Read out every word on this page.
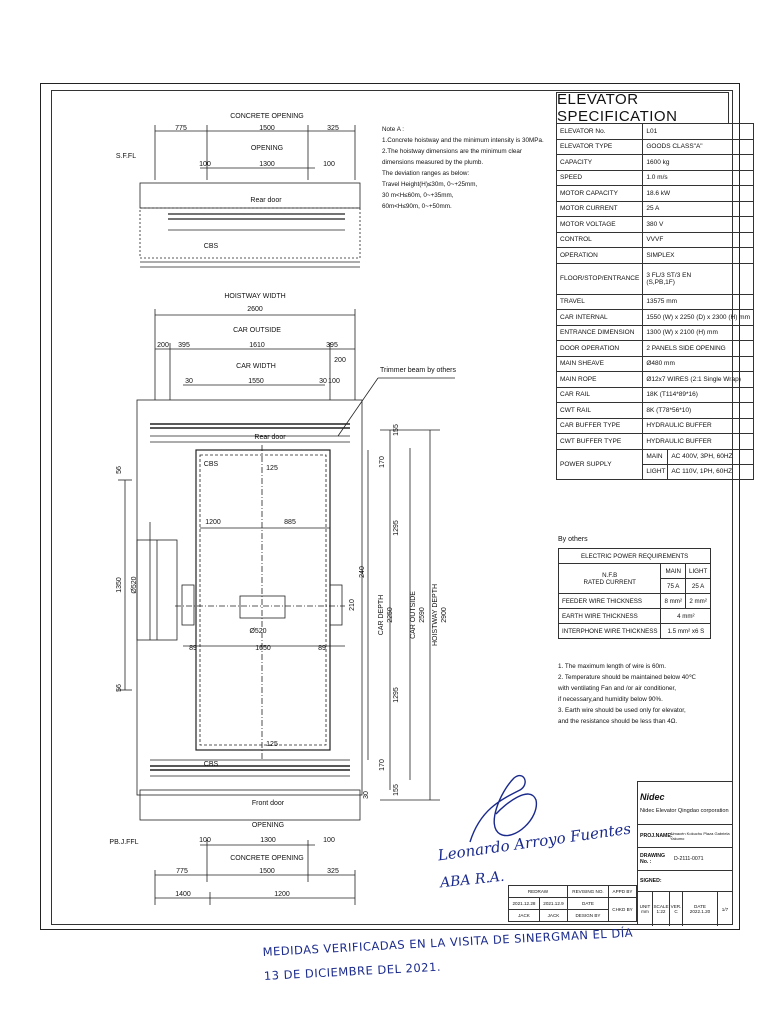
CONCRETE OPENING
775	1500	325
OPENING
1300
100	100
S.F.FL
Rear door
CBS
HOISTWAY WIDTH
2600
CAR OUTSIDE
1610
200 395	395
200
CAR WIDTH
1550
30	30 100
Trimmer beam by others
Rear door
CBS
125
1200	885
Ø520
1650
89	89
125
CBS
Front door
OPENING
1300
100	100
PB.J.FFL
CONCRETE OPENING
1500
775	325
1400	1200
155
170
1295
240
210	CAR DEPTH 2250 CAR OUTSIDE 2590 HOISTWAY DEPTH 2900
1295
170
155
30
56
1350 Ø520
56
Note A :
1.Concrete hoistway and the minimum intensity is 30MPa.
2.The hoistway dimensions are the minimum clear
dimensions measured by the plumb.
The deviation ranges as below:
Travel Height(H)≤30m, 0~+25mm,
30 m<H≤60m, 0~+35mm,
60m<H≤90m, 0~+50mm.
ELEVATOR SPECIFICATION
ELEVATOR No.	L01
ELEVATOR TYPE	GOODS CLASS"A"
CAPACITY	1600 kg
SPEED	1.0 m/s
MOTOR CAPACITY	18.6 kW
MOTOR CURRENT	25 A
MOTOR VOLTAGE	380 V
CONTROL	VVVF
OPERATION	SIMPLEX
FLOOR/STOP/ENTRANCE	3 FL/3 ST/3 EN
(S,PB,1F)

TRAVEL	13575 mm
CAR INTERNAL	1550 (W) x 2250 (D) x 2300 (H) mm
ENTRANCE DIMENSION	1300 (W) x 2100 (H) mm
DOOR OPERATION	2 PANELS SIDE OPENING
MAIN SHEAVE	Ø480 mm
MAIN ROPE	Ø12x7 WIRES (2:1 Single Wrap)
CAR RAIL	18K (T114*89*16)
CWT RAIL	8K (T78*56*10)
CAR BUFFER TYPE	HYDRAULIC BUFFER
CWT BUFFER TYPE	HYDRAULIC BUFFER
POWER SUPPLY	MAIN AC 400V, 3PH, 60HZ
LIGHT AC 110V, 1PH, 60HZ
By others
ELECTRIC POWER REQUIREMENTS		

N.F.B
RATED CURRENT	MAIN	LIGHT
	75 A	25 A
FEEDER WIRE THICKNESS	8 mm²	2 mm²
EARTH WIRE THICKNESS	4 mm²	
INTERPHONE WIRE THICKNESS	1.5 mm² x6 S	
1. The maximum length of wire is 60m.
2. Temperature should be maintained below 40℃
with ventilating Fan and /or air conditioner,
if necessary,and humidity below 90%.
3. Earth wire should be used only for elevator,
and the resistance should be less than 4Ω.
Nidec
Nidec Elevator Qingdao corporation
PROJ.NAME:
Almacén Kokuchu Plaza Gabriela Yakumo
DRAWING No. :	D-2111-0071
SIGNED:
UNIT
mm
SCALE
1:22
VER.
C
DATE
2022.1.20	1/7
REDRAW		REVISING NO.	APPD BY
2021.12.28	2021.12.9	DATE	CHKD BY
JACK	JACK	DESIGN BY	
Leonardo Arroyo Fuentes
ABA R.A.
MEDIDAS VERIFICADAS EN LA VISITA DE SINERGMAN EL DÍA
13 DE DICIEMBRE DEL 2021.
